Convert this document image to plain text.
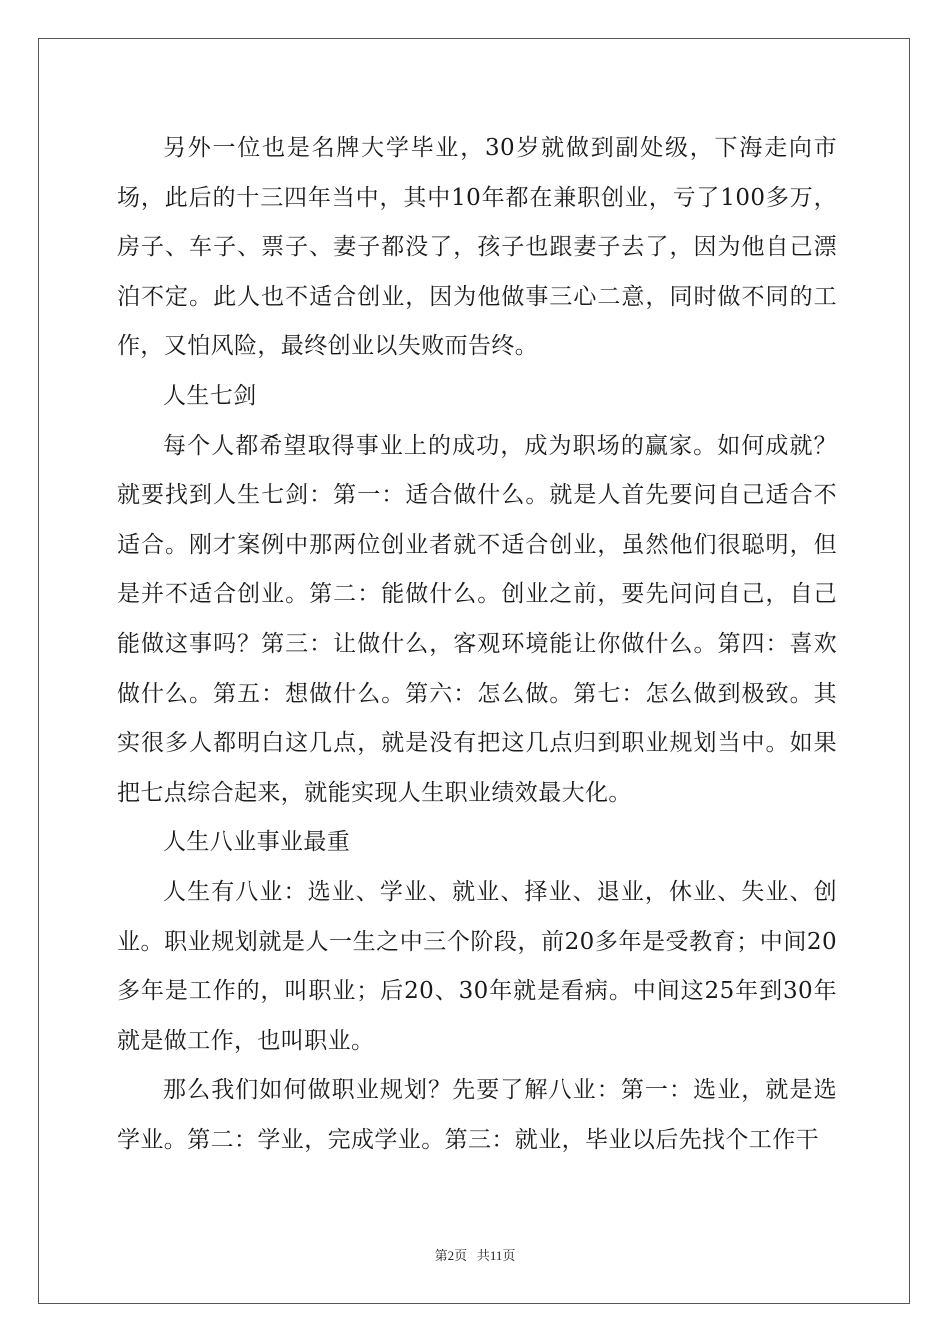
另外一位也是名牌大学毕业，30岁就做到副处级，下海走向市场，此后的十三四年当中，其中10年都在兼职创业，亏了100多万，房子、车子、票子、妻子都没了，孩子也跟妻子去了，因为他自己漂泊不定。此人也不适合创业，因为他做事三心二意，同时做不同的工作，又怕风险，最终创业以失败而告终。

人生七剑

每个人都希望取得事业上的成功，成为职场的赢家。如何成就？就要找到人生七剑：第一：适合做什么。就是人首先要问自己适合不适合。刚才案例中那两位创业者就不适合创业，虽然他们很聪明，但是并不适合创业。第二：能做什么。创业之前，要先问问自己，自己能做这事吗？第三：让做什么，客观环境能让你做什么。第四：喜欢做什么。第五：想做什么。第六：怎么做。第七：怎么做到极致。其实很多人都明白这几点，就是没有把这几点归到职业规划当中。如果把七点综合起来，就能实现人生职业绩效最大化。

人生八业事业最重

人生有八业：选业、学业、就业、择业、退业，休业、失业、创业。职业规划就是人一生之中三个阶段，前20多年是受教育；中间20多年是工作的，叫职业；后20、30年就是看病。中间这25年到30年就是做工作，也叫职业。

那么我们如何做职业规划？先要了解八业：第一：选业，就是选学业。第二：学业，完成学业。第三：就业，毕业以后先找个工作干

第2页 共11页
